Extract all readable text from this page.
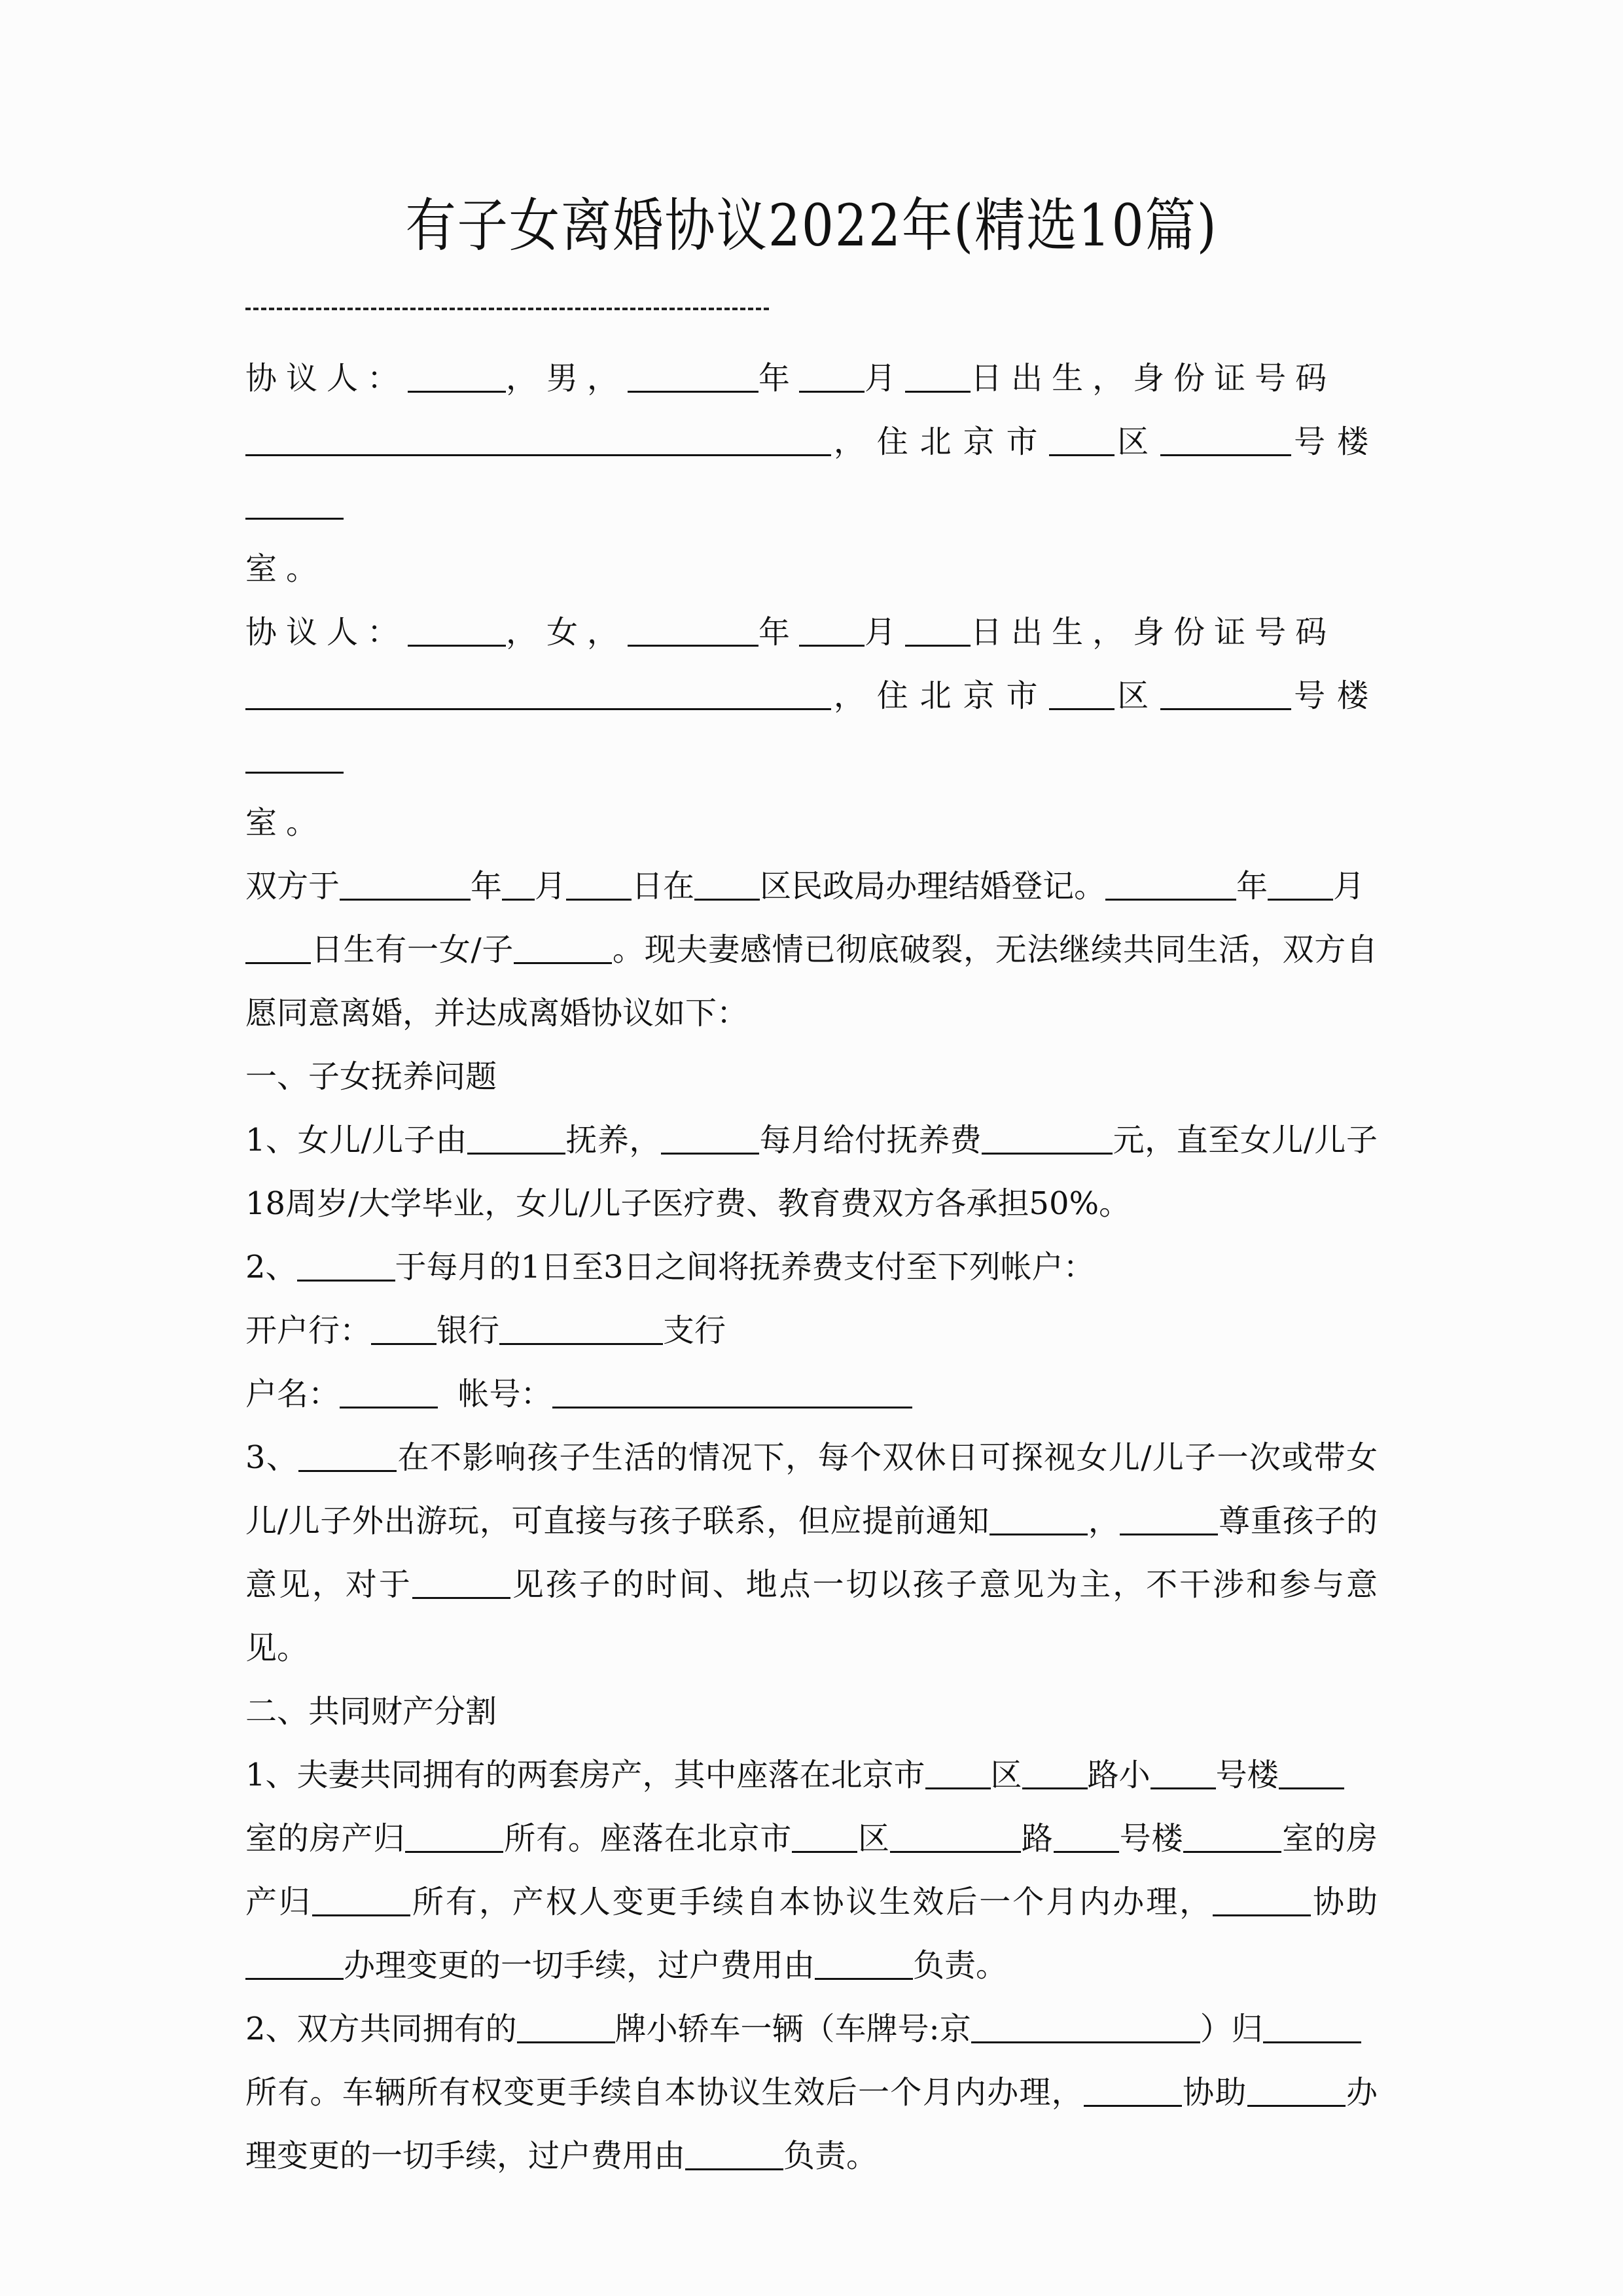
有子女离婚协议2022年(精选10篇)

协议人：	，男，	年 月 日出生，身份证号码
，住北京市 区	号楼
室。

协议人：	，女，	年 月 日出生，身份证号码
，住北京市 区	号楼
室。

双方于	年 月 日在 区民政局办理结婚登记。	年 月
日生有一女/子	。现夫妻感情已彻底破裂，无法继续共同生活，双方自愿同意离婚，并达成离婚协议如下：

一、子女抚养问题

1、女儿/儿子由	抚养，	每月给付抚养费	元，直至女儿/儿子18周岁/大学毕业，女儿/儿子医疗费、教育费双方各承担50%。

2、	于每月的1日至3日之间将抚养费支付至下列帐户：

开户行： 银行	支行

户名：	帐号：

3、	在不影响孩子生活的情况下，每个双休日可探视女儿/儿子一次或带女儿/儿子外出游玩，可直接与孩子联系，但应提前通知	，	尊重孩子的意见，对于	见孩子的时间、地点一切以孩子意见为主，不干涉和参与意见。

二、共同财产分割

1、夫妻共同拥有的两套房产，其中座落在北京市 区 路小 号楼
室的房产归	所有。座落在北京市 区	路 号楼	室的房产归	所有，产权人变更手续自本协议生效后一个月内办理，	协助办理变更的一切手续，过户费用由	负责。

2、双方共同拥有的	牌小轿车一辆（车牌号:京	）归
所有。车辆所有权变更手续自本协议生效后一个月内办理，	协助	办理变更的一切手续，过户费用由	负责。
